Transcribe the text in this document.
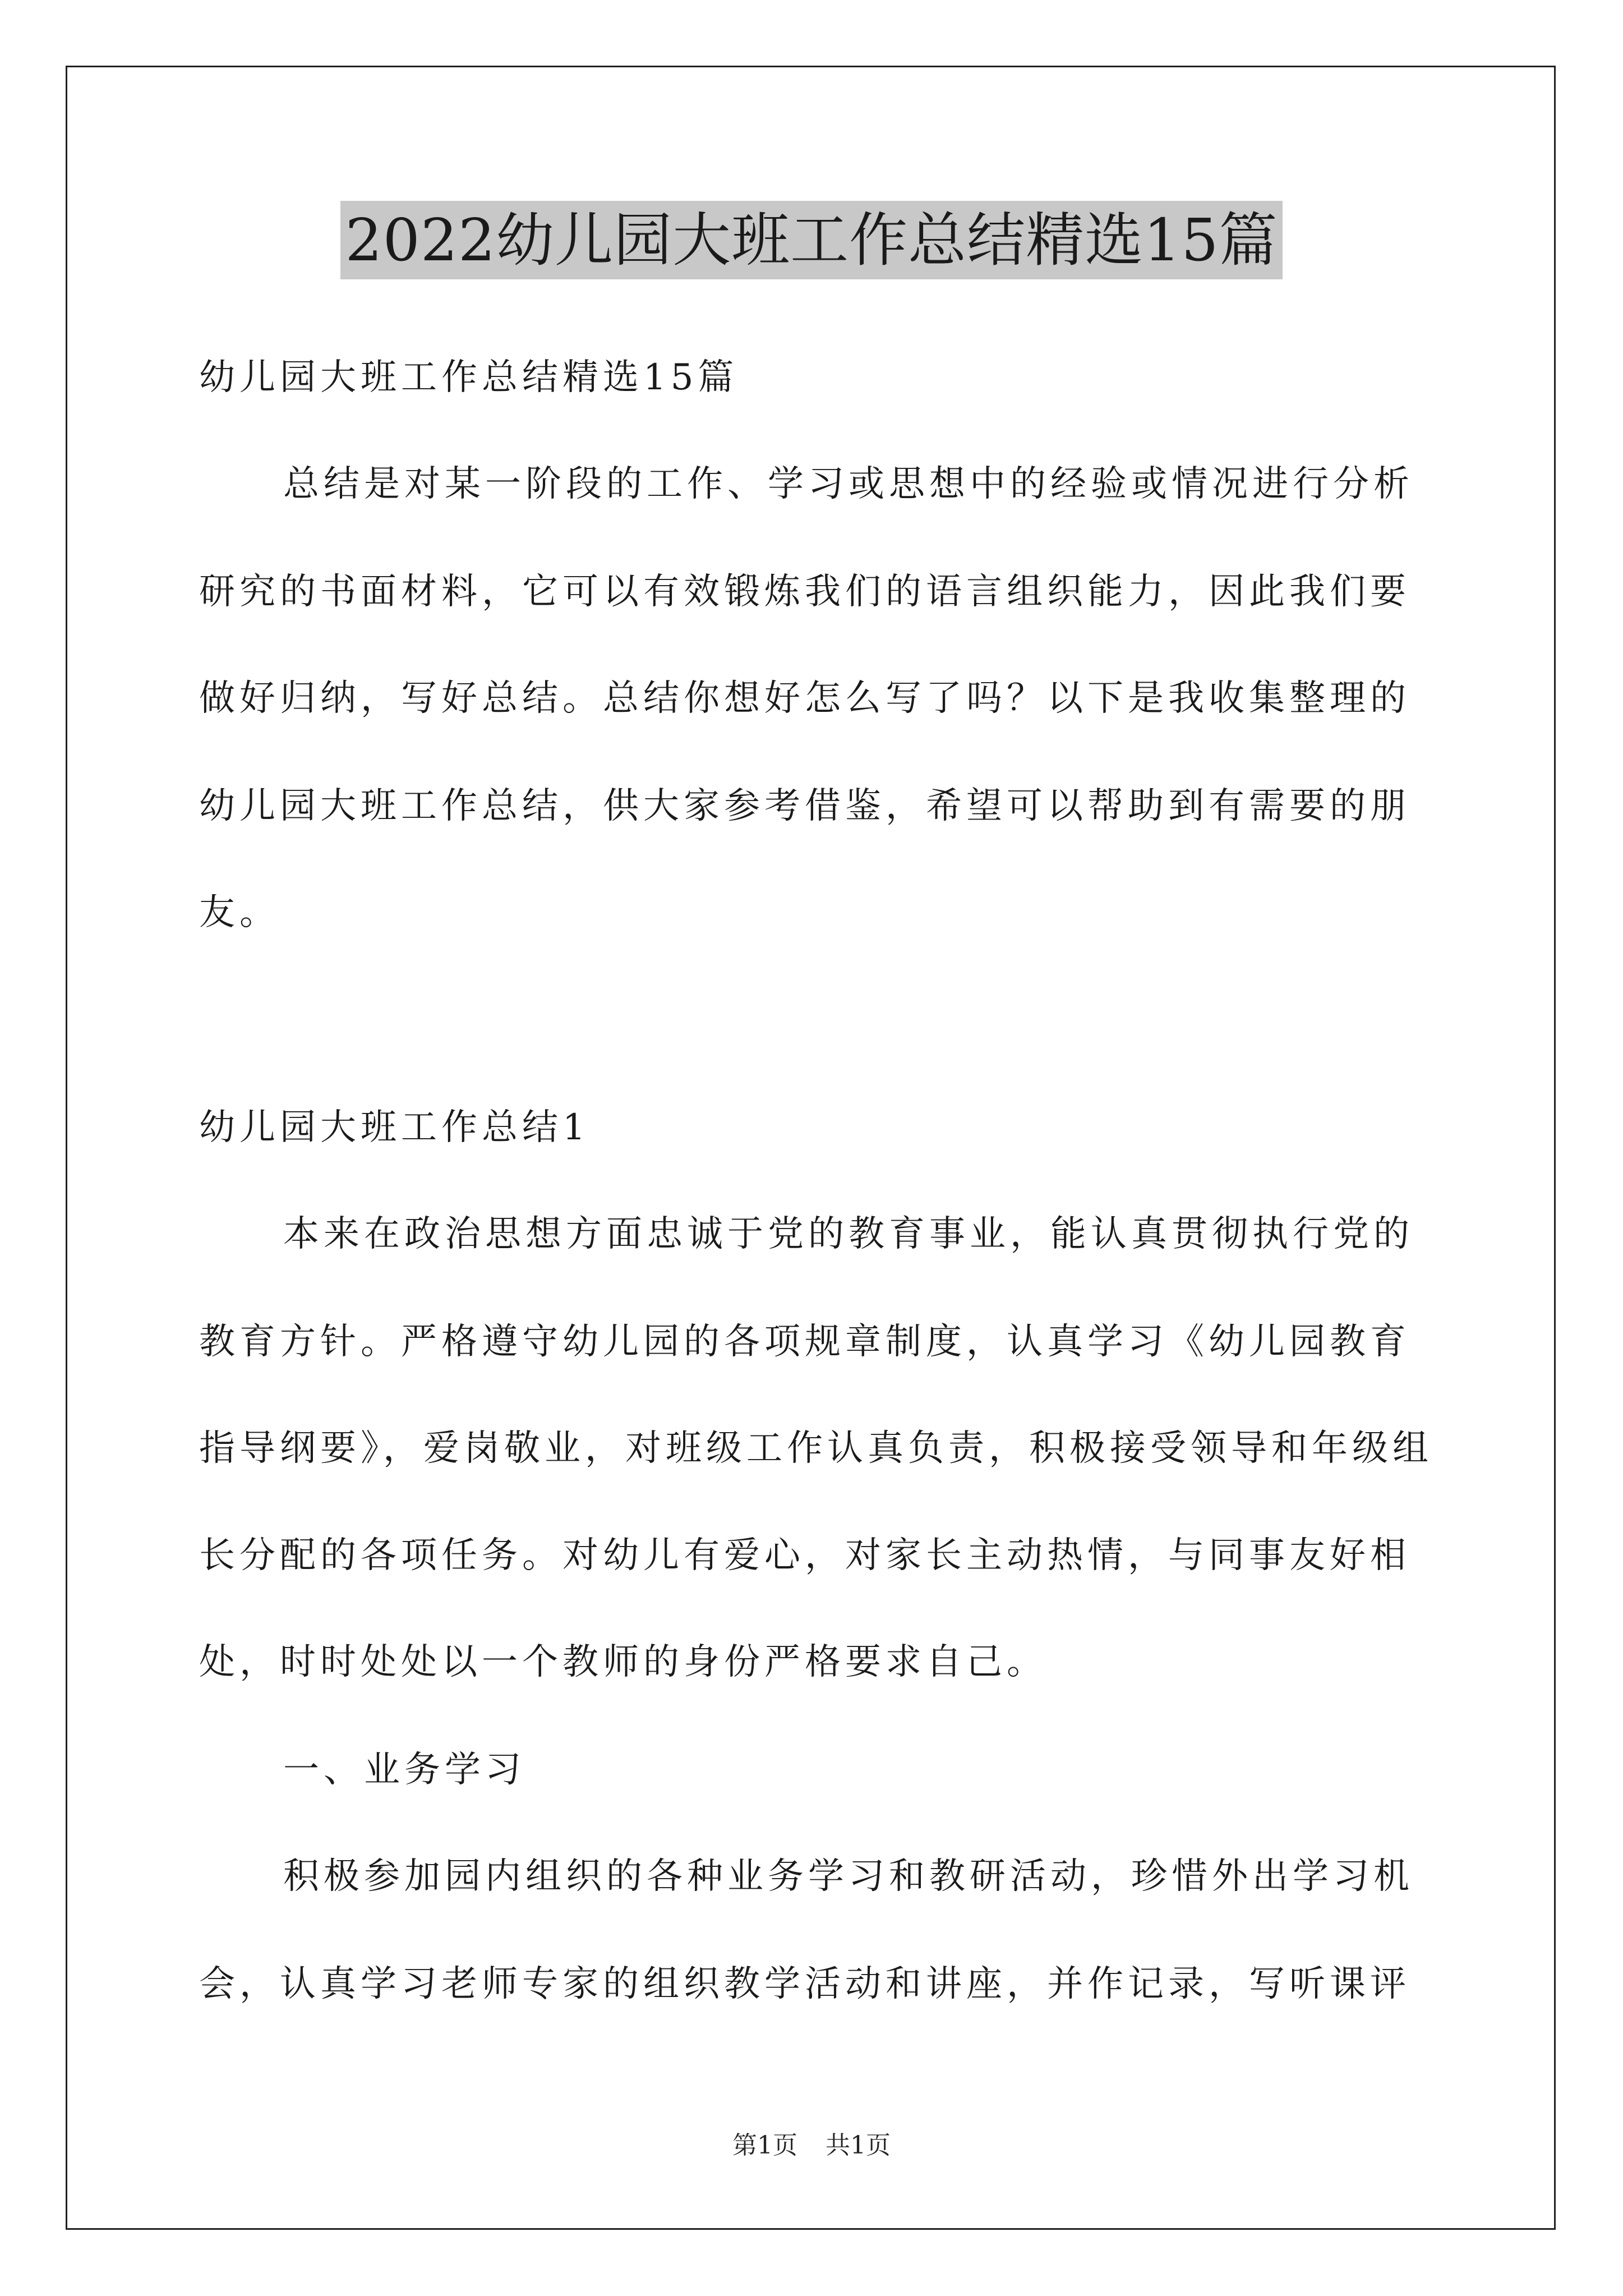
2022幼儿园大班工作总结精选15篇
幼儿园大班工作总结精选15篇
总结是对某一阶段的工作、学习或思想中的经验或情况进行分析
研究的书面材料，它可以有效锻炼我们的语言组织能力，因此我们要
做好归纳，写好总结。总结你想好怎么写了吗？以下是我收集整理的
幼儿园大班工作总结，供大家参考借鉴，希望可以帮助到有需要的朋
友。
幼儿园大班工作总结1
本来在政治思想方面忠诚于党的教育事业，能认真贯彻执行党的
教育方针。严格遵守幼儿园的各项规章制度，认真学习《幼儿园教育
指导纲要》，爱岗敬业，对班级工作认真负责，积极接受领导和年级组
长分配的各项任务。对幼儿有爱心，对家长主动热情，与同事友好相
处，时时处处以一个教师的身份严格要求自己。
一、业务学习
积极参加园内组织的各种业务学习和教研活动，珍惜外出学习机
会，认真学习老师专家的组织教学活动和讲座，并作记录，写听课评
第1页 共1页
